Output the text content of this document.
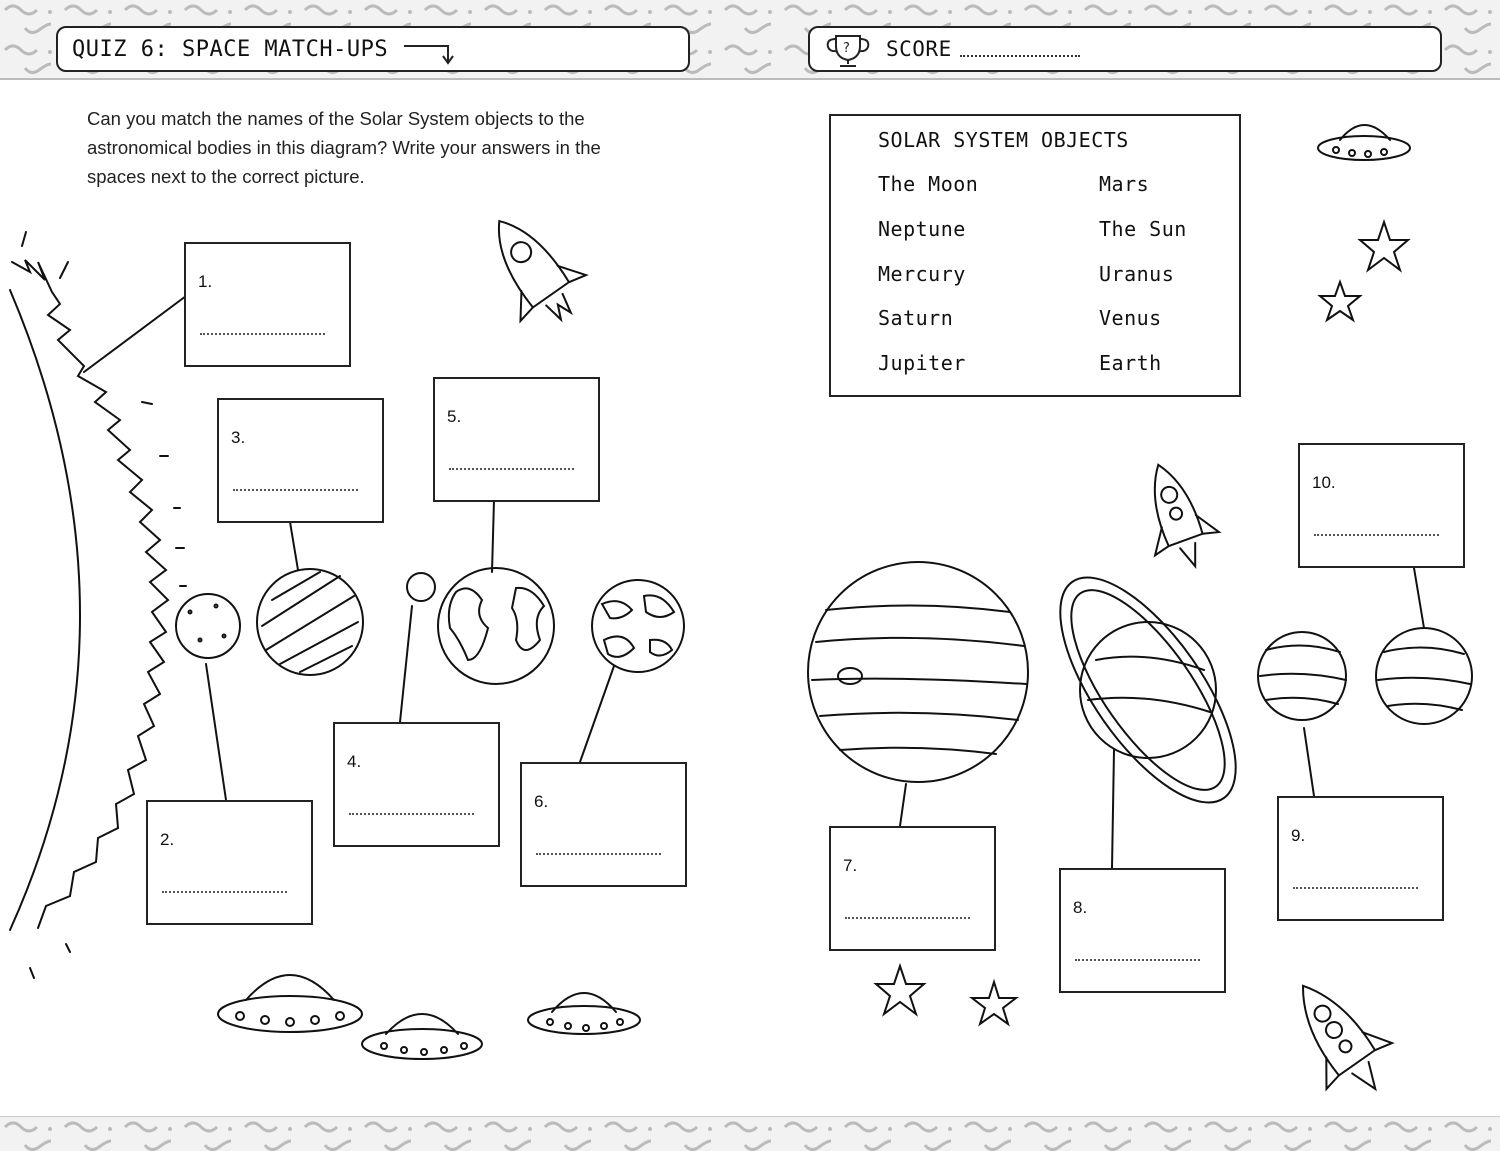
QUIZ 6: SPACE MATCH-UPS	? SCORE
Can you match the names of the Solar System objects to the astronomical bodies in this diagram? Write your answers in the spaces next to the correct picture.
SOLAR SYSTEM OBJECTS
The Moon
Neptune
Mercury
Saturn
Jupiter
Mars
The Sun
Uranus
Venus
Earth
1.
2.
3.
4.
5.
6.
7.
8.
9.
10.
